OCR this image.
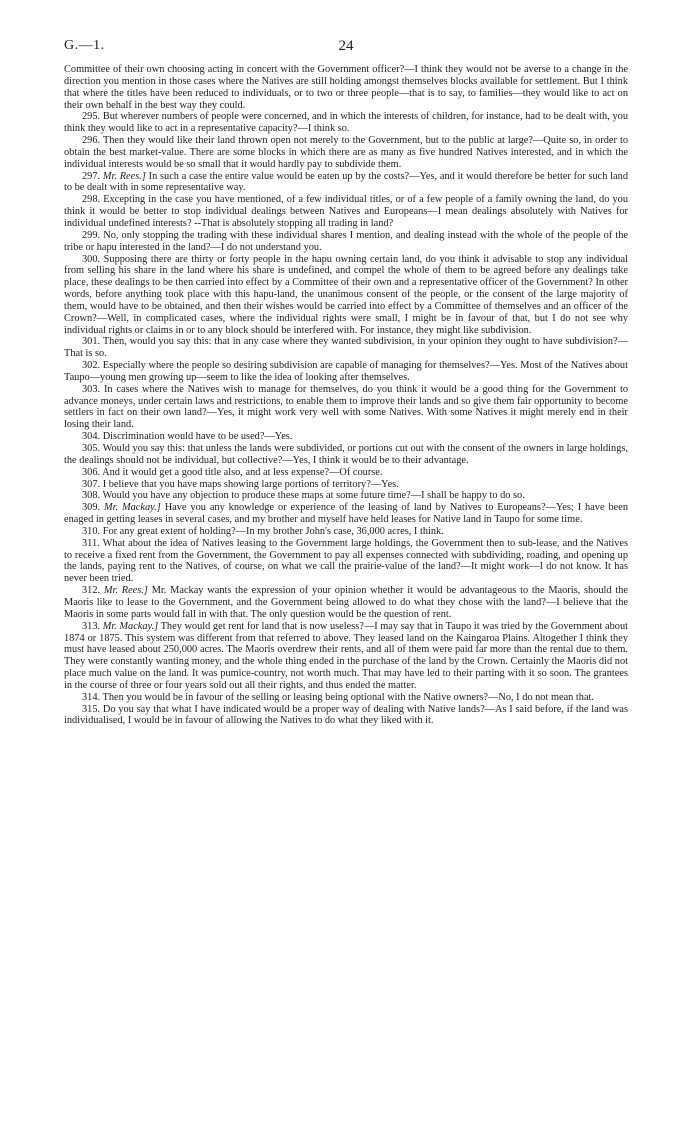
G.—1.	24

Committee of their own choosing acting in concert with the Government officer?—I think they would not be averse to a change in the direction you mention in those cases where the Natives are still holding amongst themselves blocks available for settlement. But I think that where the titles have been reduced to individuals, or to two or three people—that is to say, to families—they would like to act on their own behalf in the best way they could.

295. But wherever numbers of people were concerned, and in which the interests of children, for instance, had to be dealt with, you think they would like to act in a representative capacity?—I think so.

296. Then they would like their land thrown open not merely to the Government, but to the public at large?—Quite so, in order to obtain the best market-value. There are some blocks in which there are as many as five hundred Natives interested, and in which the individual interests would be so small that it would hardly pay to subdivide them.

297. Mr. Rees.] In such a case the entire value would be eaten up by the costs?—Yes, and it would therefore be better for such land to be dealt with in some representative way.

298. Excepting in the case you have mentioned, of a few individual titles, or of a few people of a family owning the land, do you think it would be better to stop individual dealings between Natives and Europeans—I mean dealings absolutely with Natives for individual undefined interests? --That is absolutely stopping all trading in land?

299. No, only stopping the trading with these individual shares I mention, and dealing instead with the whole of the people of the tribe or hapu interested in the land?—I do not understand you.

300. Supposing there are thirty or forty people in the hapu owning certain land, do you think it advisable to stop any individual from selling his share in the land where his share is undefined, and compel the whole of them to be agreed before any dealings take place, these dealings to be then carried into effect by a Committee of their own and a representative officer of the Government? In other words, before anything took place with this hapu-land, the unanimous consent of the people, or the consent of the large majority of them, would have to be obtained, and then their wishes would be carried into effect by a Committee of themselves and an officer of the Crown?—Well, in complicated cases, where the individual rights were small, I might be in favour of that, but I do not see why individual rights or claims in or to any block should be interfered with. For instance, they might like subdivision.

301. Then, would you say this: that in any case where they wanted subdivision, in your opinion they ought to have subdivision?—That is so.

302. Especially where the people so desiring subdivision are capable of managing for themselves?—Yes. Most of the Natives about Taupo—young men growing up—seem to like the idea of looking after themselves.

303. In cases where the Natives wish to manage for themselves, do you think it would be a good thing for the Government to advance moneys, under certain laws and restrictions, to enable them to improve their lands and so give them fair opportunity to become settlers in fact on their own land?—Yes, it might work very well with some Natives. With some Natives it might merely end in their losing their land.

304. Discrimination would have to be used?—Yes.

305. Would you say this: that unless the lands were subdivided, or portions cut out with the consent of the owners in large holdings, the dealings should not be individual, but collective?—Yes, I think it would be to their advantage.

306. And it would get a good title also, and at less expense?—Of course.

307. I believe that you have maps showing large portions of territory?—Yes.

308. Would you have any objection to produce these maps at some future time?—I shall be happy to do so.

309. Mr. Mackay.] Have you any knowledge or experience of the leasing of land by Natives to Europeans?—Yes; I have been enaged in getting leases in several cases, and my brother and myself have held leases for Native land in Taupo for some time.

310. For any great extent of holding?—In my brother John's case, 36,000 acres, I think.

311. What about the idea of Natives leasing to the Government large holdings, the Government then to sub-lease, and the Natives to receive a fixed rent from the Government, the Government to pay all expenses connected with subdividing, roading, and opening up the lands, paying rent to the Natives, of course, on what we call the prairie-value of the land?—It might work—I do not know. It has never been tried.

312. Mr. Rees.] Mr. Mackay wants the expression of your opinion whether it would be advantageous to the Maoris, should the Maoris like to lease to the Government, and the Government being allowed to do what they chose with the land?—I believe that the Maoris in some parts would fall in with that. The only question would be the question of rent.

313. Mr. Mackay.] They would get rent for land that is now useless?—I may say that in Taupo it was tried by the Government about 1874 or 1875. This system was different from that referred to above. They leased land on the Kaingaroa Plains. Altogether I think they must have leased about 250,000 acres. The Maoris overdrew their rents, and all of them were paid far more than the rental due to them. They were constantly wanting money, and the whole thing ended in the purchase of the land by the Crown. Certainly the Maoris did not place much value on the land. It was pumice-country, not worth much. That may have led to their parting with it so soon. The grantees in the course of three or four years sold out all their rights, and thus ended the matter.

314. Then you would be in favour of the selling or leasing being optional with the Native owners?—No, I do not mean that.

315. Do you say that what I have indicated would be a proper way of dealing with Native lands?—As I said before, if the land was individualised, I would be in favour of allowing the Natives to do what they liked with it.
